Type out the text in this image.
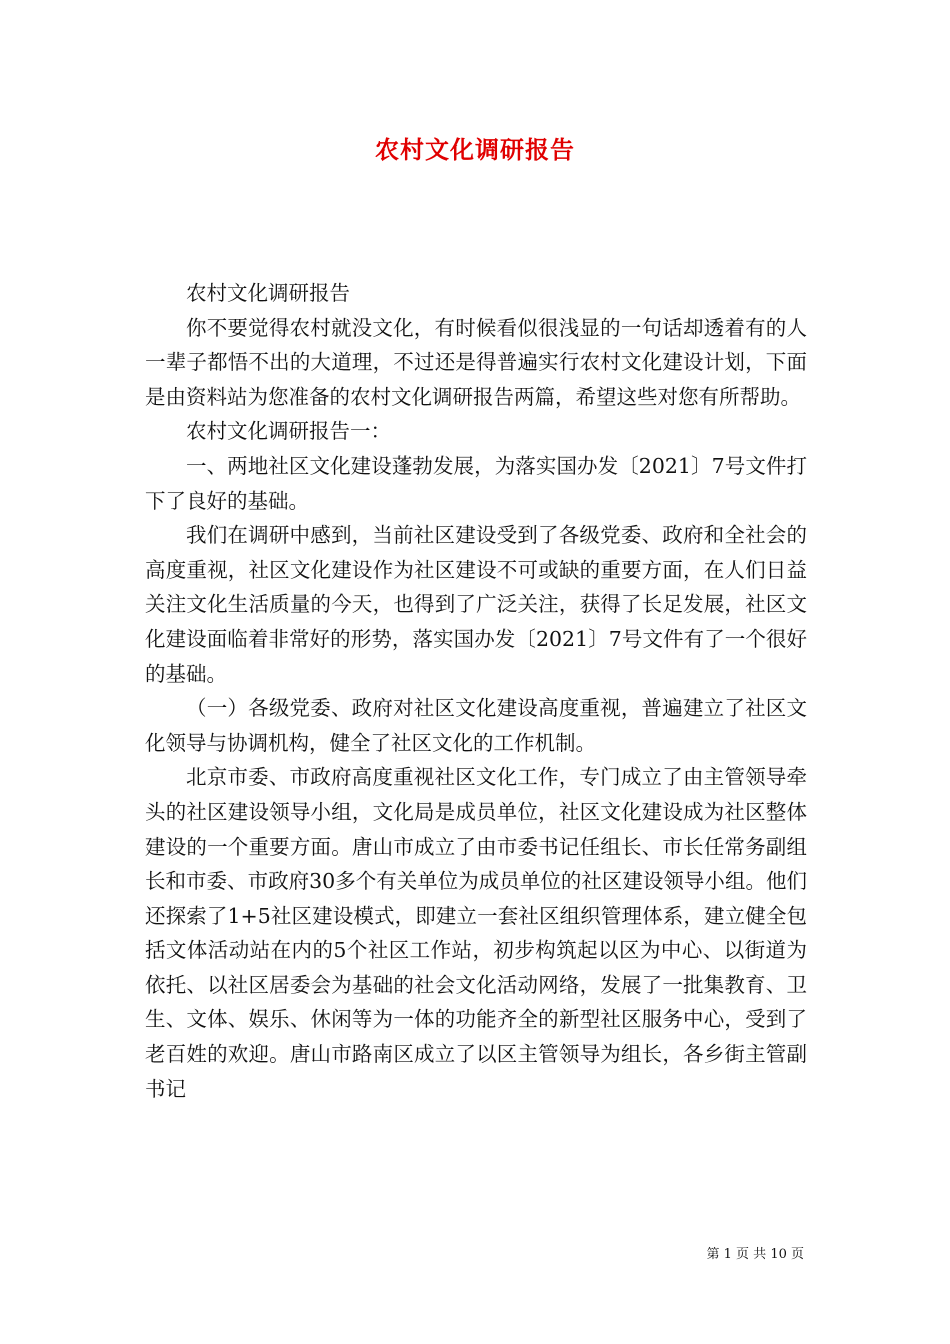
农村文化调研报告

农村文化调研报告

你不要觉得农村就没文化，有时候看似很浅显的一句话却透着有的人一辈子都悟不出的大道理，不过还是得普遍实行农村文化建设计划，下面是由资料站为您准备的农村文化调研报告两篇，希望这些对您有所帮助。

农村文化调研报告一：

一、两地社区文化建设蓬勃发展，为落实国办发〔2021〕7号文件打下了良好的基础。

我们在调研中感到，当前社区建设受到了各级党委、政府和全社会的高度重视，社区文化建设作为社区建设不可或缺的重要方面，在人们日益关注文化生活质量的今天，也得到了广泛关注，获得了长足发展，社区文化建设面临着非常好的形势，落实国办发〔2021〕7号文件有了一个很好的基础。

（一）各级党委、政府对社区文化建设高度重视，普遍建立了社区文化领导与协调机构，健全了社区文化的工作机制。

北京市委、市政府高度重视社区文化工作，专门成立了由主管领导牵头的社区建设领导小组，文化局是成员单位，社区文化建设成为社区整体建设的一个重要方面。唐山市成立了由市委书记任组长、市长任常务副组长和市委、市政府30多个有关单位为成员单位的社区建设领导小组。他们还探索了1+5社区建设模式，即建立一套社区组织管理体系，建立健全包括文体活动站在内的5个社区工作站，初步构筑起以区为中心、以街道为依托、以社区居委会为基础的社会文化活动网络，发展了一批集教育、卫生、文体、娱乐、休闲等为一体的功能齐全的新型社区服务中心，受到了老百姓的欢迎。唐山市路南区成立了以区主管领导为组长，各乡街主管副书记

第 1 页 共 10 页
